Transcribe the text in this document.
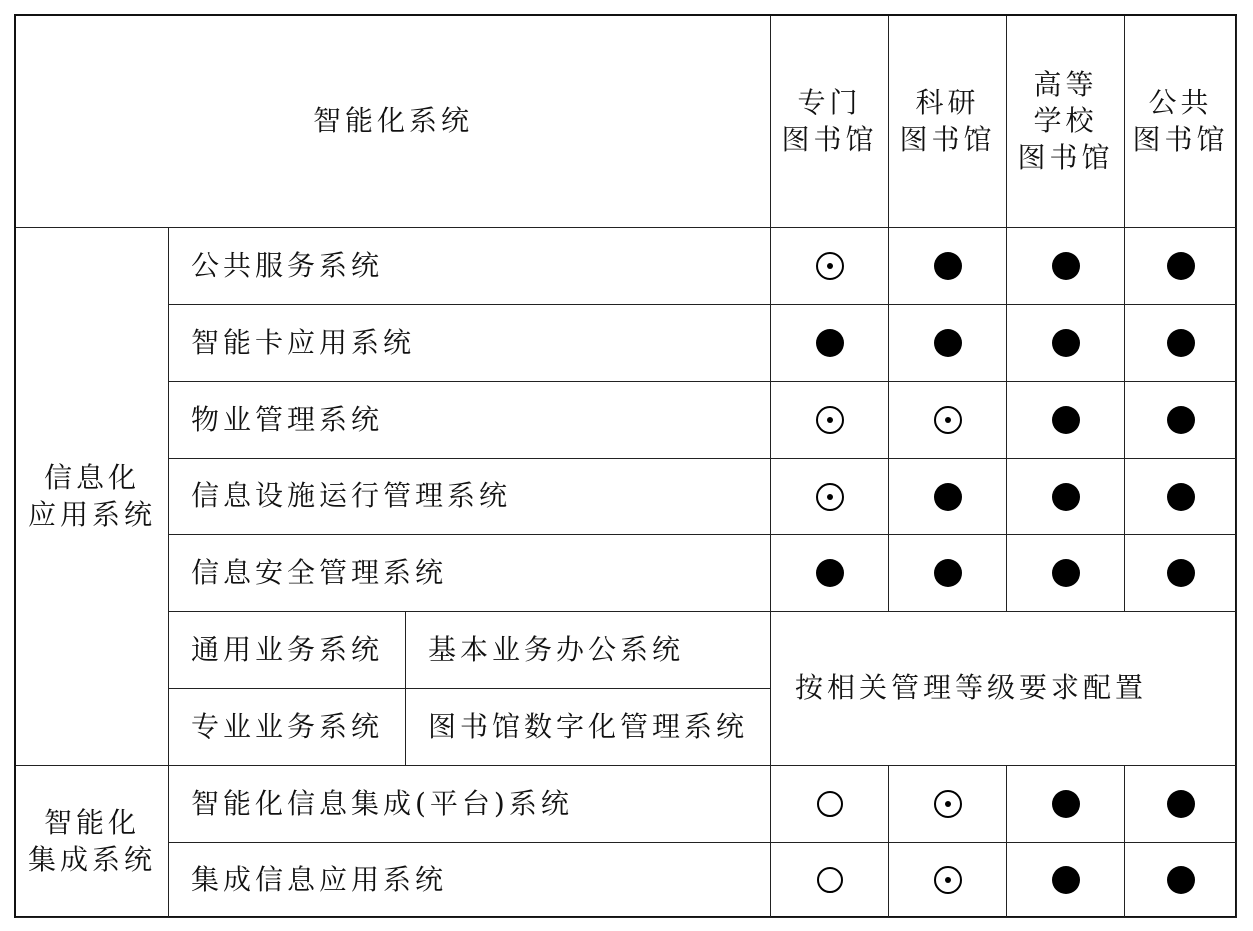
智能化系统
专门
图书馆
科研
图书馆
高等
学校
图书馆
公共
图书馆
信息化
应用系统
智能化
集成系统
公共服务系统
智能卡应用系统
物业管理系统
信息设施运行管理系统
信息安全管理系统
智能化信息集成(平台)系统
集成信息应用系统
通用业务系统 基本业务办公系统
专业业务系统 图书馆数字化管理系统
按相关管理等级要求配置
